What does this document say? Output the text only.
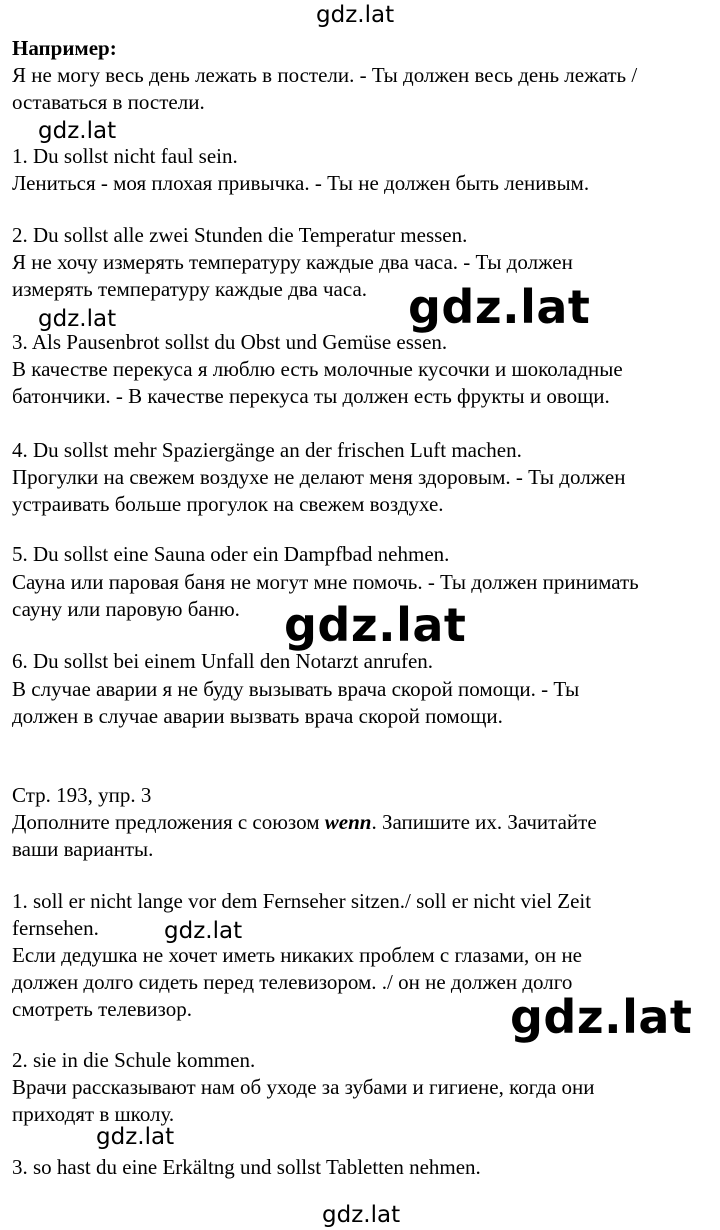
gdz.lat
gdz.lat
gdz.lat	gdz.lat
gdz.lat
gdz.lat
gdz.lat
gdz.lat
gdz.lat
Например:
Я не могу весь день лежать в постели. - Ты должен весь день лежать /
оставаться в постели.
1. Du sollst nicht faul sein.
Лениться - моя плохая привычка. - Ты не должен быть ленивым.
2. Du sollst alle zwei Stunden die Temperatur messen.
Я не хочу измерять температуру каждые два часа. - Ты должен
измерять температуру каждые два часа.
3. Als Pausenbrot sollst du Obst und Gemüse essen.
В качестве перекуса я люблю есть молочные кусочки и шоколадные
батончики. - В качестве перекуса ты должен есть фрукты и овощи.
4. Du sollst mehr Spaziergänge an der frischen Luft machen.
Прогулки на свежем воздухе не делают меня здоровым. - Ты должен
устраивать больше прогулок на свежем воздухе.
5. Du sollst eine Sauna oder ein Dampfbad nehmen.
Сауна или паровая баня не могут мне помочь. - Ты должен принимать
сауну или паровую баню.
6. Du sollst bei einem Unfall den Notarzt anrufen.
В случае аварии я не буду вызывать врача скорой помощи. - Ты
должен в случае аварии вызвать врача скорой помощи.
Стр. 193, упр. 3
Дополните предложения с союзом wenn. Запишите их. Зачитайте
ваши варианты.
1. soll er nicht lange vor dem Fernseher sitzen./ soll er nicht viel Zeit
fernsehen.
Если дедушка не хочет иметь никаких проблем с глазами, он не
должен долго сидеть перед телевизором. ./ он не должен долго
смотреть телевизор.
2. sie in die Schule kommen.
Врачи рассказывают нам об уходе за зубами и гигиене, когда они
приходят в школу.
3. so hast du eine Erkältng und sollst Tabletten nehmen.
